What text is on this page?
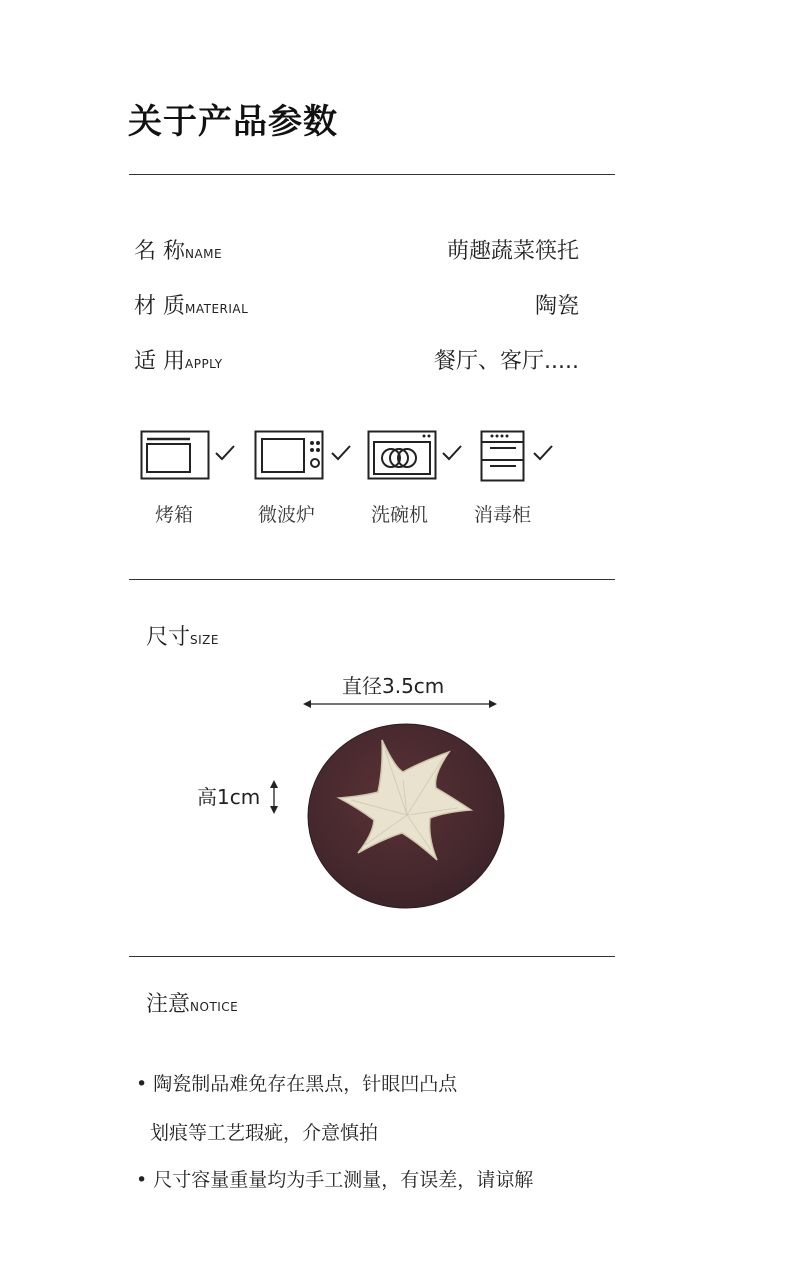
关于产品参数
名 称NAME	萌趣蔬菜筷托
材 质MATERIAL	陶瓷
适 用APPLY	餐厅、客厅.....
烤箱	微波炉	洗碗机 消毒柜
尺寸SIZE
直径3.5cm
高1cm
注意NOTICE
• 陶瓷制品难免存在黑点，针眼凹凸点
划痕等工艺瑕疵，介意慎拍
• 尺寸容量重量均为手工测量，有误差，请谅解
